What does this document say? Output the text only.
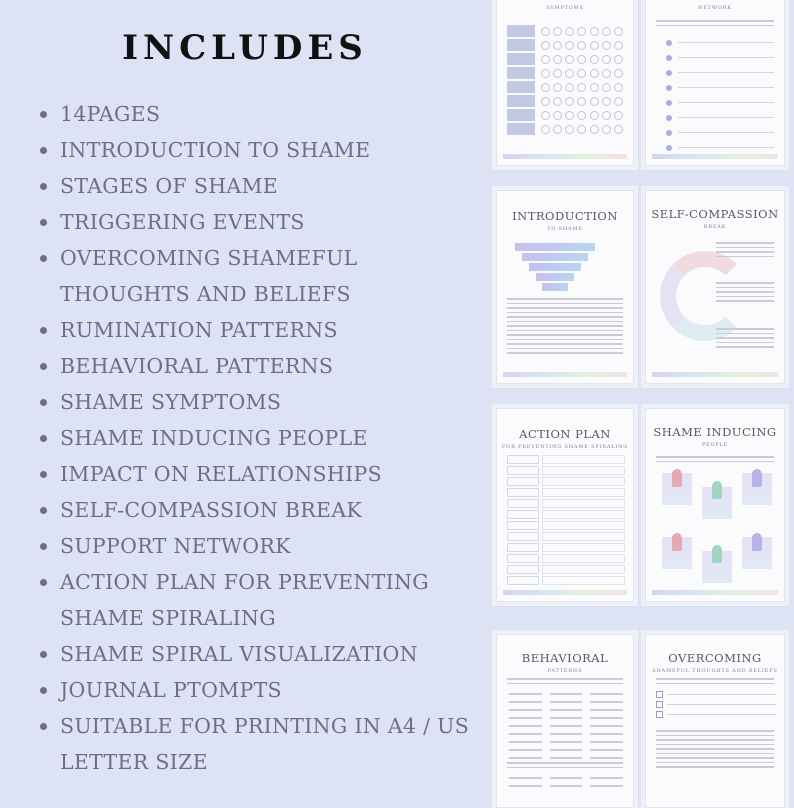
INCLUDES
14PAGES
INTRODUCTION TO SHAME
STAGES OF SHAME
TRIGGERING EVENTS
OVERCOMING SHAMEFUL THOUGHTS AND BELIEFS
RUMINATION PATTERNS
BEHAVIORAL PATTERNS
SHAME SYMPTOMS
SHAME INDUCING PEOPLE
IMPACT ON RELATIONSHIPS
SELF-COMPASSION BREAK
SUPPORT NETWORK
ACTION PLAN FOR PREVENTING SHAME SPIRALING
SHAME SPIRAL VISUALIZATION
JOURNAL PTOMPTS
SUITABLE FOR PRINTING IN A4 / US LETTER SIZE
SYMPTOMS	NETWORK
INTRODUCTION
TO SHAME
SELF-COMPASSION
BREAK
ACTION PLAN
FOR PREVENTING SHAME SPIRALING
SHAME INDUCING
PEOPLE
BEHAVIORAL
PATTERNS
OVERCOMING
SHAMEFUL THOUGHTS AND BELIEFS
